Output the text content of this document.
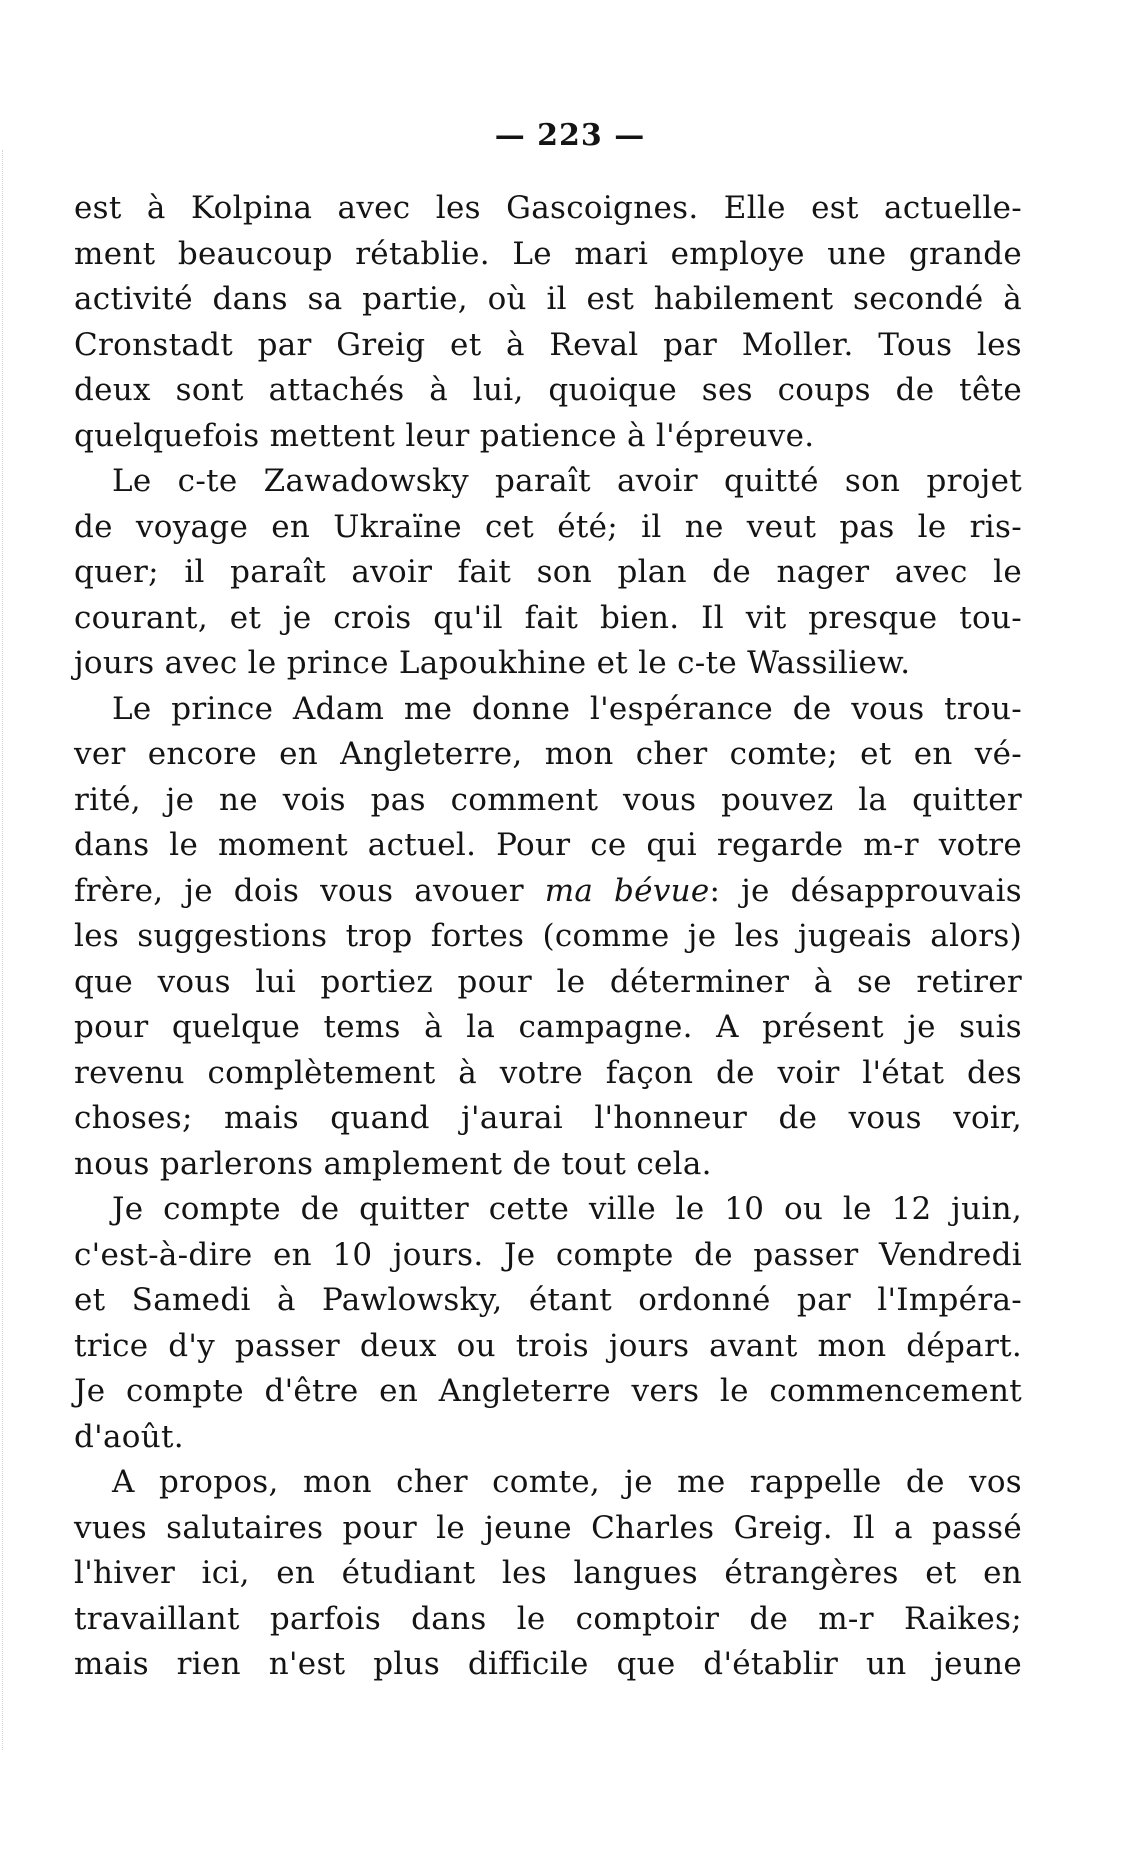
— 223 —
est à Kolpina avec les Gascoignes. Elle est actuelle-
ment beaucoup rétablie. Le mari employe une grande
activité dans sa partie, où il est habilement secondé à
Cronstadt par Greig et à Reval par Moller. Tous les
deux sont attachés à lui, quoique ses coups de tête
quelquefois mettent leur patience à l'épreuve.
Le c-te Zawadowsky paraît avoir quitté son projet
de voyage en Ukraïne cet été; il ne veut pas le ris-
quer; il paraît avoir fait son plan de nager avec le
courant, et je crois qu'il fait bien. Il vit presque tou-
jours avec le prince Lapoukhine et le c-te Wassiliew.
Le prince Adam me donne l'espérance de vous trou-
ver encore en Angleterre, mon cher comte; et en vé-
rité, je ne vois pas comment vous pouvez la quitter
dans le moment actuel. Pour ce qui regarde m-r votre
frère, je dois vous avouer ma bévue: je désapprouvais
les suggestions trop fortes (comme je les jugeais alors)
que vous lui portiez pour le déterminer à se retirer
pour quelque tems à la campagne. A présent je suis
revenu complètement à votre façon de voir l'état des
choses; mais quand j'aurai l'honneur de vous voir,
nous parlerons amplement de tout cela.
Je compte de quitter cette ville le 10 ou le 12 juin,
c'est-à-dire en 10 jours. Je compte de passer Vendredi
et Samedi à Pawlowsky, étant ordonné par l'Impéra-
trice d'y passer deux ou trois jours avant mon départ.
Je compte d'être en Angleterre vers le commencement
d'août.
A propos, mon cher comte, je me rappelle de vos
vues salutaires pour le jeune Charles Greig. Il a passé
l'hiver ici, en étudiant les langues étrangères et en
travaillant parfois dans le comptoir de m-r Raikes;
mais rien n'est plus difficile que d'établir un jeune
